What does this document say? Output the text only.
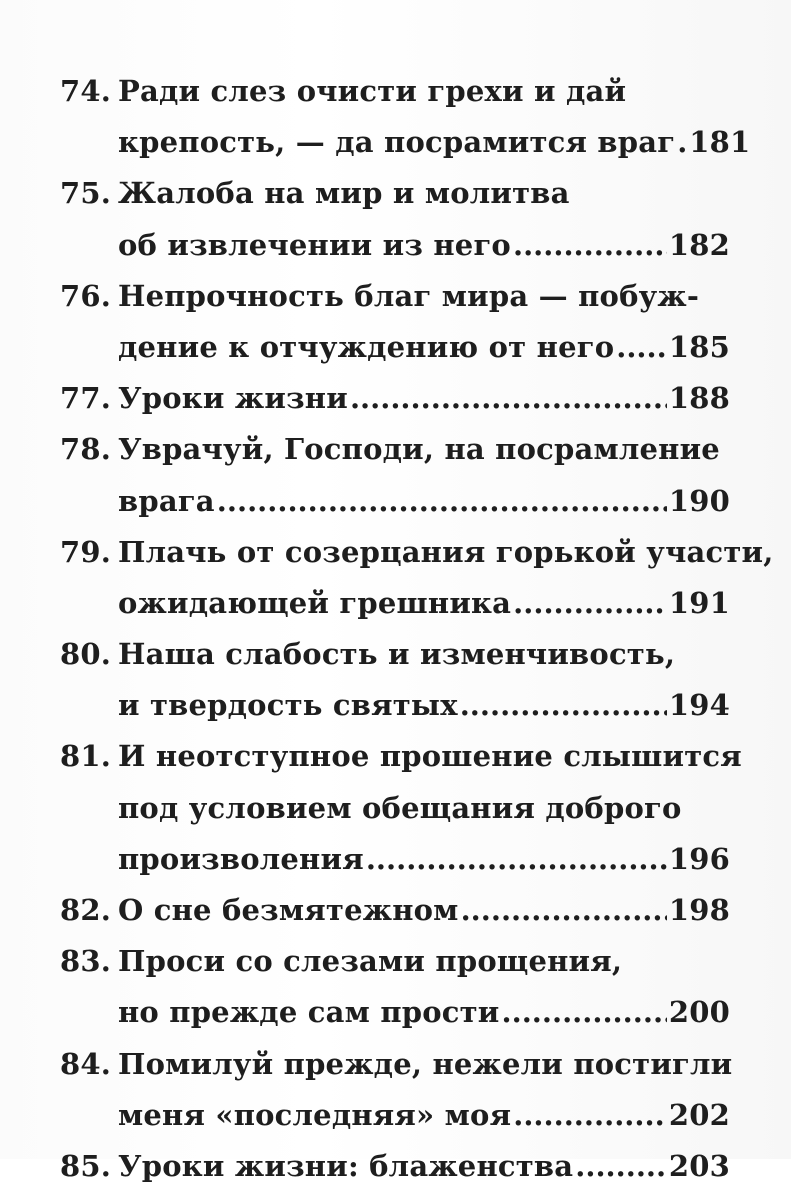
74. Ради слез очисти грехи и дай
крепость, — да посрамится враг ..... 181
75. Жалоба на мир и молитва
об извлечении из него .....	182
76. Непрочность благ мира — побуж-
дение к отчуждению от него ..... 185
77. Уроки жизни .....	188
78. Уврачуй, Господи, на посрамление
врага .....	190
79. Плачь от созерцания горькой участи,
ожидающей грешника .....	191
80. Наша слабость и изменчивость,
и твердость святых .....	194
81. И неотступное прошение слышится
под условием обещания доброго
произволения .....	196
82. О сне безмятежном .....	198
83. Проси со слезами прощения,
но прежде сам прости .....	200
84. Помилуй прежде, нежели постигли
меня «последняя» моя .....	202
85. Уроки жизни: блаженства .....	203
